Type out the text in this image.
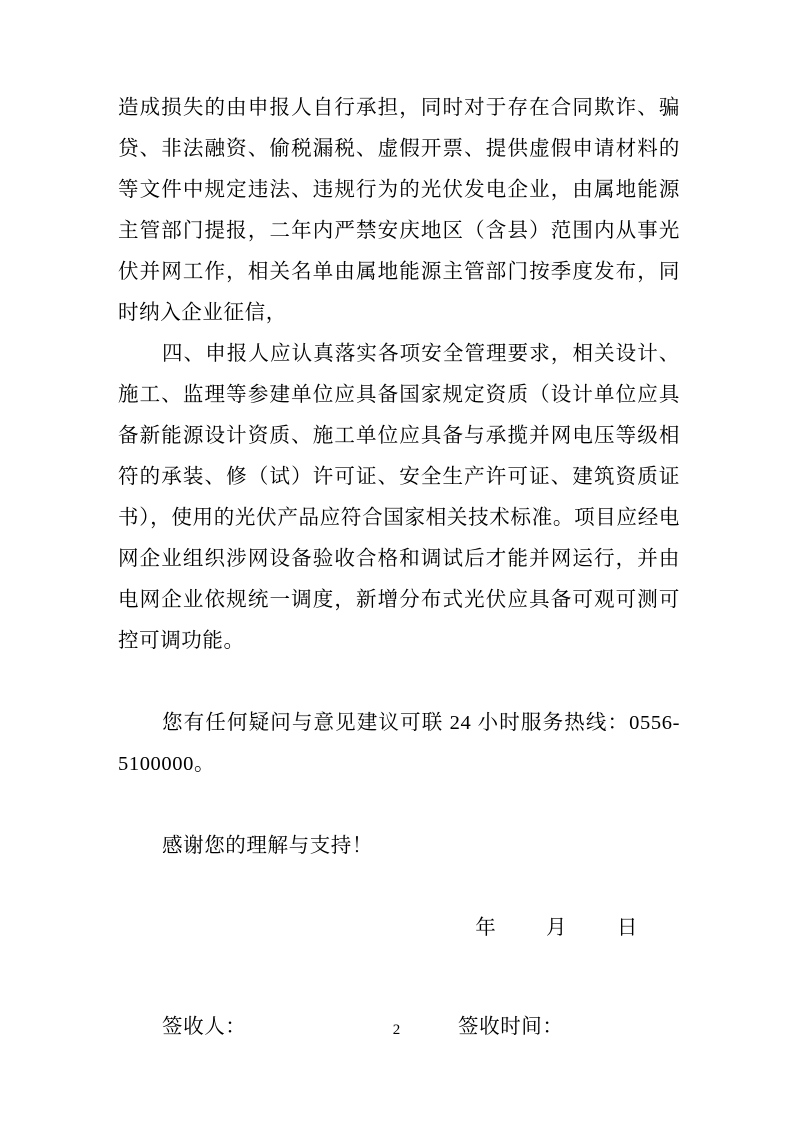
造成损失的由申报人自行承担，同时对于存在合同欺诈、骗贷、非法融资、偷税漏税、虚假开票、提供虚假申请材料的等文件中规定违法、违规行为的光伏发电企业，由属地能源主管部门提报，二年内严禁安庆地区（含县）范围内从事光伏并网工作，相关名单由属地能源主管部门按季度发布，同时纳入企业征信，

四、申报人应认真落实各项安全管理要求，相关设计、施工、监理等参建单位应具备国家规定资质（设计单位应具备新能源设计资质、施工单位应具备与承揽并网电压等级相符的承装、修（试）许可证、安全生产许可证、建筑资质证书），使用的光伏产品应符合国家相关技术标准。项目应经电网企业组织涉网设备验收合格和调试后才能并网运行，并由电网企业依规统一调度，新增分布式光伏应具备可观可测可控可调功能。

您有任何疑问与意见建议可联 24 小时服务热线：0556-5100000。

感谢您的理解与支持！

年 月 日
签收人：	签收时间：
2
